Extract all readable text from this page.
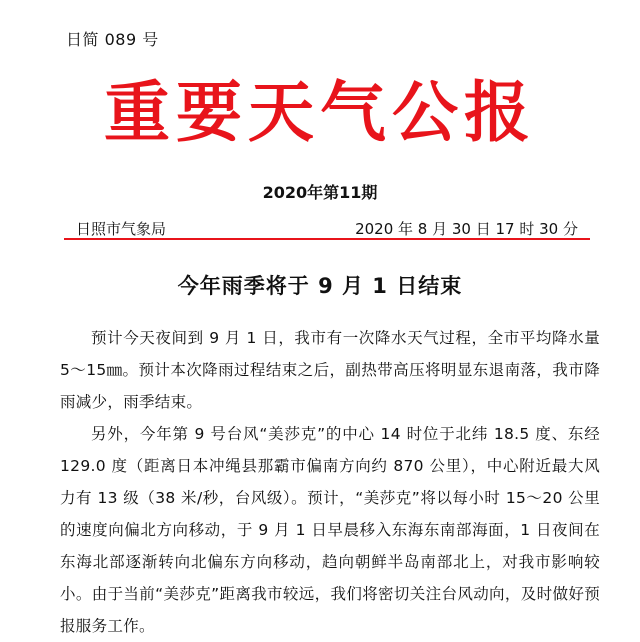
日简 089 号
重要天气公报
2020年第11期
日照市气象局	2020 年 8 月 30 日 17 时 30 分
今年雨季将于 9 月 1 日结束

预计今天夜间到 9 月 1 日，我市有一次降水天气过程，全市平均降水量 5～15㎜。预计本次降雨过程结束之后，副热带高压将明显东退南落，我市降雨减少，雨季结束。

另外，今年第 9 号台风“美莎克”的中心 14 时位于北纬 18.5 度、东经 129.0 度（距离日本冲绳县那霸市偏南方向约 870 公里），中心附近最大风力有 13 级（38 米/秒，台风级）。预计，“美莎克”将以每小时 15～20 公里的速度向偏北方向移动，于 9 月 1 日早晨移入东海东南部海面，1 日夜间在东海北部逐渐转向北偏东方向移动，趋向朝鲜半岛南部北上，对我市影响较小。由于当前“美莎克”距离我市较远，我们将密切关注台风动向，及时做好预报服务工作。
